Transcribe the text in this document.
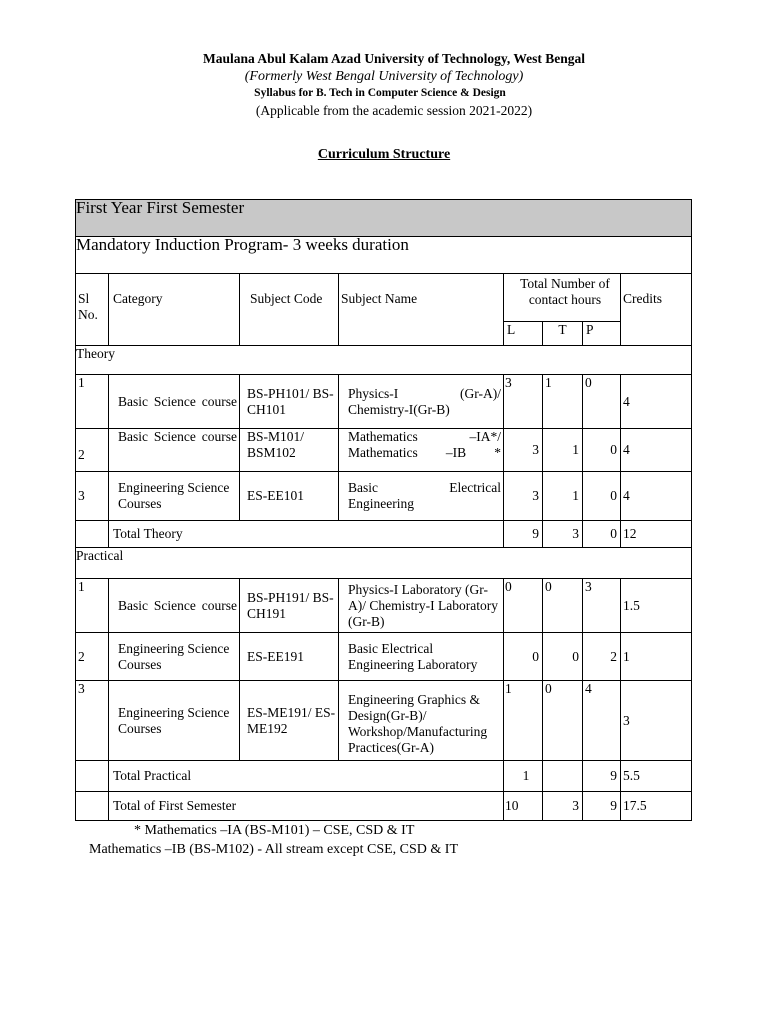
Maulana Abul Kalam Azad University of Technology, West Bengal
(Formerly West Bengal University of Technology)
Syllabus for B. Tech in Computer Science & Design
(Applicable from the academic session 2021-2022)
Curriculum Structure
First Year First Semester							
Mandatory Induction Program- 3 weeks duration							
Sl No.	Category	Subject Code	Subject Name	Total Number of contact hours			Credits
				L	T	P	
Theory							
1	Basic Science course	BS-PH101/ BS-CH101	Physics-I (Gr-A)/ Chemistry-I(Gr-B)	3	1	0	4
2	Basic Science course	BS-M101/ BSM102	Mathematics –IA*/ Mathematics –IB *	3	1	0	4
3	Engineering Science Courses	ES-EE101	Basic Electrical Engineering	3	1	0	4
	Total Theory			9	3	0	12
Practical							
1	Basic Science course	BS-PH191/ BS-CH191	Physics-I Laboratory (Gr-A)/ Chemistry-I Laboratory (Gr-B)	0	0	3	1.5
2	Engineering Science Courses	ES-EE191	Basic Electrical Engineering Laboratory	0	0	2	1
3	Engineering Science Courses	ES-ME191/ ES-ME192	Engineering Graphics & Design(Gr-B)/ Workshop/Manufacturing Practices(Gr-A)	1	0	4	3
	Total Practical			1		9	5.5
	Total of First Semester			10	3	9	17.5
* Mathematics –IA (BS-M101) – CSE, CSD & IT
Mathematics –IB (BS-M102) - All stream except CSE, CSD & IT
